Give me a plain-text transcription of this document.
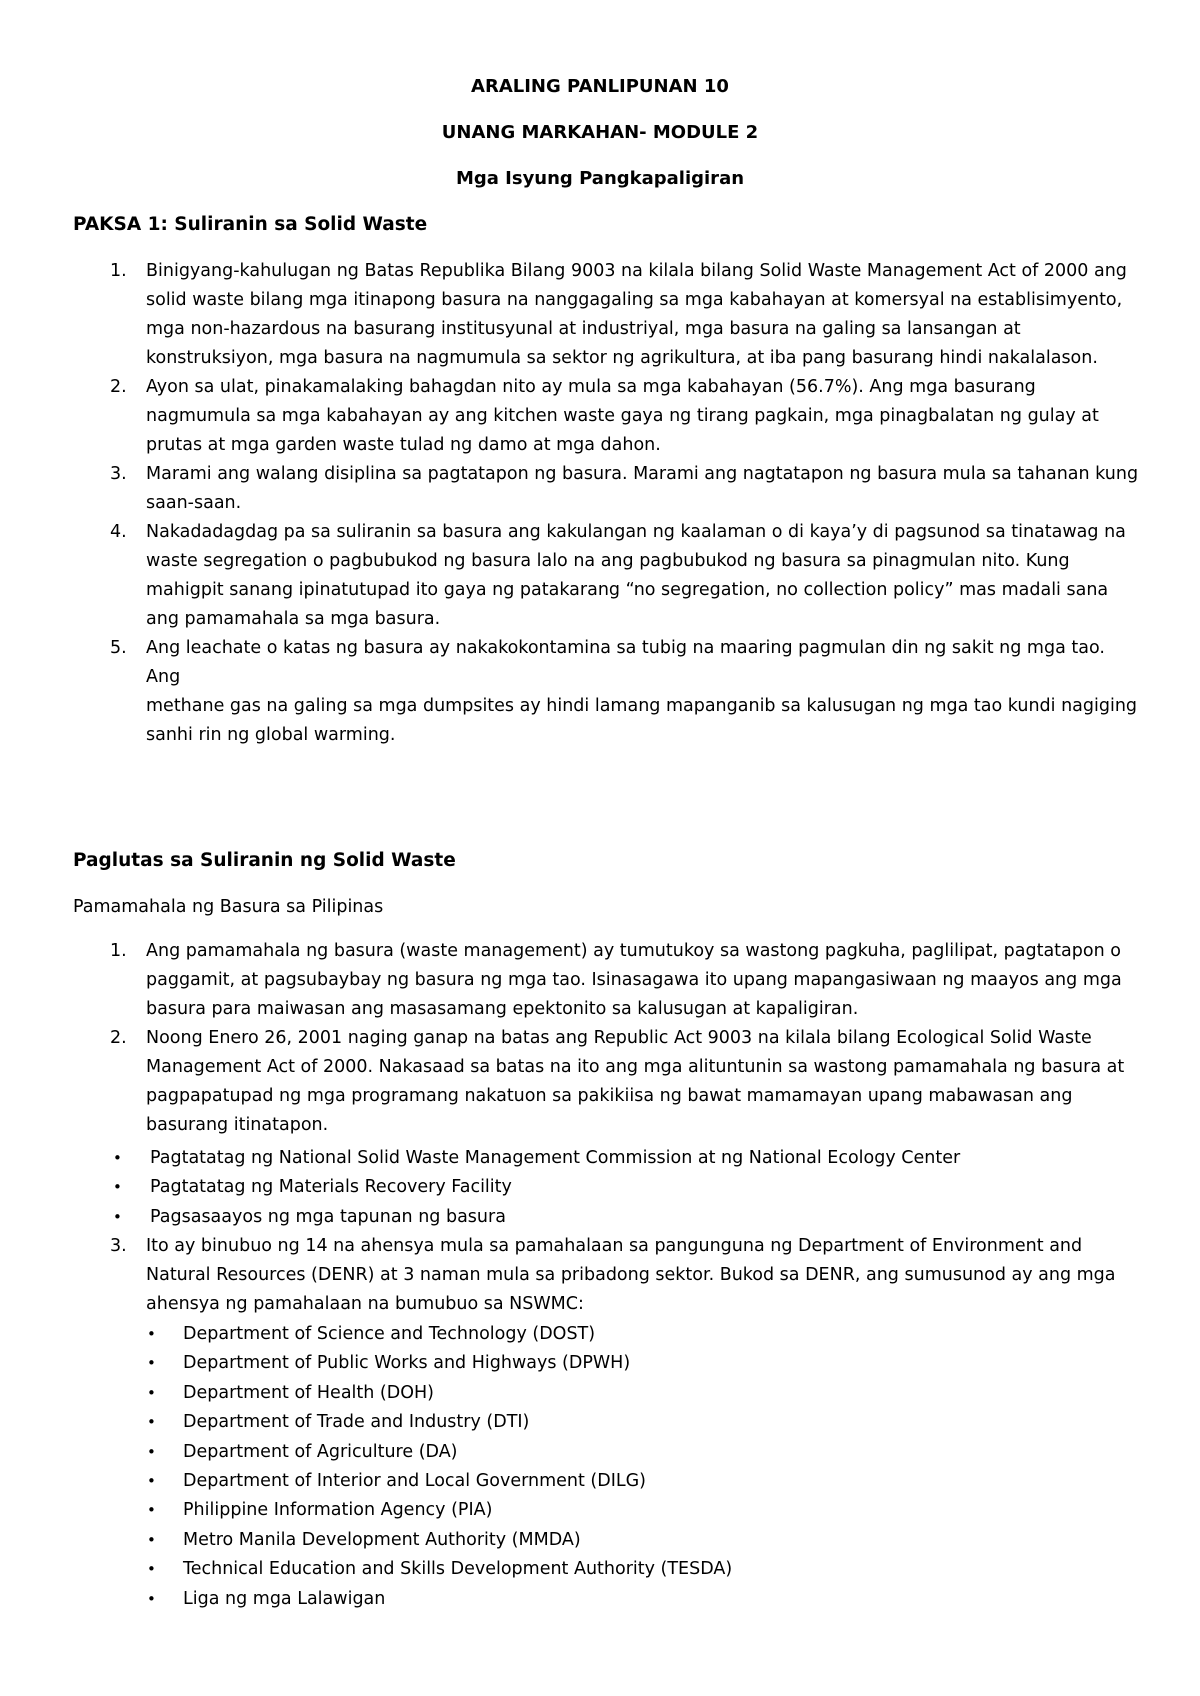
ARALING PANLIPUNAN 10

UNANG MARKAHAN- MODULE 2

Mga Isyung Pangkapaligiran

PAKSA 1: Suliranin sa Solid Waste

1. Binigyang-kahulugan ng Batas Republika Bilang 9003 na kilala bilang Solid Waste Management Act of 2000 ang solid waste bilang mga itinapong basura na nanggagaling sa mga kabahayan at komersyal na establisimyento, mga non-hazardous na basurang institusyunal at industriyal, mga basura na galing sa lansangan at konstruksiyon, mga basura na nagmumula sa sektor ng agrikultura, at iba pang basurang hindi nakalalason.
2. Ayon sa ulat, pinakamalaking bahagdan nito ay mula sa mga kabahayan (56.7%). Ang mga basurang nagmumula sa mga kabahayan ay ang kitchen waste gaya ng tirang pagkain, mga pinagbalatan ng gulay at prutas at mga garden waste tulad ng damo at mga dahon.
3. Marami ang walang disiplina sa pagtatapon ng basura. Marami ang nagtatapon ng basura mula sa tahanan kung saan-saan.
4. Nakadadagdag pa sa suliranin sa basura ang kakulangan ng kaalaman o di kaya’y di pagsunod sa tinatawag na waste segregation o pagbubukod ng basura lalo na ang pagbubukod ng basura sa pinagmulan nito. Kung mahigpit sanang ipinatutupad ito gaya ng patakarang “no segregation, no collection policy” mas madali sana ang pamamahala sa mga basura.
5. Ang leachate o katas ng basura ay nakakokontamina sa tubig na maaring pagmulan din ng sakit ng mga tao. Ang
methane gas na galing sa mga dumpsites ay hindi lamang mapanganib sa kalusugan ng mga tao kundi nagiging sanhi rin ng global warming.

Paglutas sa Suliranin ng Solid Waste

Pamamahala ng Basura sa Pilipinas

1. Ang pamamahala ng basura (waste management) ay tumutukoy sa wastong pagkuha, paglilipat, pagtatapon o paggamit, at pagsubaybay ng basura ng mga tao. Isinasagawa ito upang mapangasiwaan ng maayos ang mga basura para maiwasan ang masasamang epektonito sa kalusugan at kapaligiran.
2. Noong Enero 26, 2001 naging ganap na batas ang Republic Act 9003 na kilala bilang Ecological Solid Waste Management Act of 2000. Nakasaad sa batas na ito ang mga alituntunin sa wastong pamamahala ng basura at pagpapatupad ng mga programang nakatuon sa pakikiisa ng bawat mamamayan upang mabawasan ang basurang itinatapon.
• Pagtatatag ng National Solid Waste Management Commission at ng National Ecology Center
• Pagtatatag ng Materials Recovery Facility
• Pagsasaayos ng mga tapunan ng basura
3. Ito ay binubuo ng 14 na ahensya mula sa pamahalaan sa pangunguna ng Department of Environment and Natural Resources (DENR) at 3 naman mula sa pribadong sektor. Bukod sa DENR, ang sumusunod ay ang mga ahensya ng pamahalaan na bumubuo sa NSWMC:
• Department of Science and Technology (DOST)
• Department of Public Works and Highways (DPWH)
• Department of Health (DOH)
• Department of Trade and Industry (DTI)
• Department of Agriculture (DA)
• Department of Interior and Local Government (DILG)
• Philippine Information Agency (PIA)
• Metro Manila Development Authority (MMDA)
• Technical Education and Skills Development Authority (TESDA)
• Liga ng mga Lalawigan
